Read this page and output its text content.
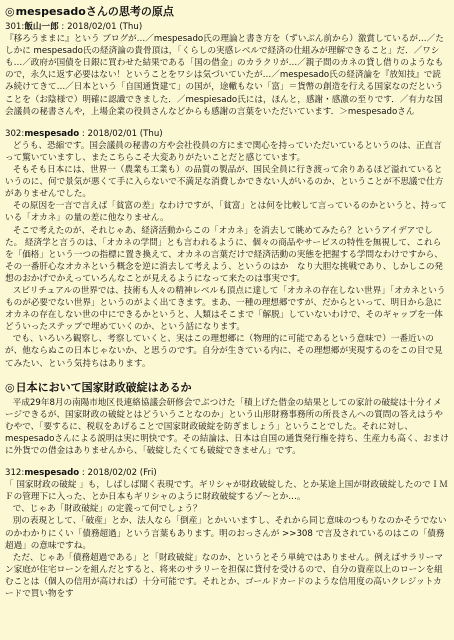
◎ mespesadoさんの思考の原点
301:飯山一郎 : 2018/02/01 (Thu)

『移ろうままに』という ブログが…／mespesado氏の理論と書き方を（ずいぶん前から）激賞しているが…／たしかに mespesado氏の経済論の貴骨頂は，「くらしの実感レベルで経済の仕組みが理解できること」だ．／ワシも…／政府が国債を日銀に買わせた結果である「国の借金」のカラクリが…／親子間のカネの貸し借りのようなもので，永久に返す必要はない！ということをワシは気づいていたが…／mespesado氏の経済論を『放知技』で読み続けてきて…／日本という「自国通貨建て」の国が，途轍もない「富」＝貨幣の創造を行える国家なのだということを（お陰様で）明確に認識できました．／mespiesado氏には，ほんと，感謝・感激の至りです．／有力な国会議員の秘書さんや，上場企業の役員さんなどからも感謝の言葉をいただいています．＞mespesadoさん

302:mespesado : 2018/02/01 (Thu)

どうも、恐縮です。国会議員の秘書の方や会社役員の方にまで関心を持っていただいているというのは、正直言って驚いていますし、またこちらこそ大変ありがたいことだと感じています。

そもそも日本には、世界一（農業も工業も）の品質の製品が、国民全員に行き渡って余りあるほど溢れているというのに、何で景気が悪くて手に入らないで不満足な消費しかできない人がいるのか、ということが不思議で仕方がありませんでした。

その原因を一言で言えば「貧富の差」なわけですが、「貧富」とは何を比較して言っているのかというと、持っている「オカネ」の量の差に他なりません。

そこで考えたのが、それじゃあ、経済活動からこの「オカネ」を消去して眺めてみたら？というアイデアでした。 経済学と言うのは、「オカネの学問」とも言われるように、個々の商品やサービスの特性を無視して、これらを「価格」という一つの指標に置き換えて、オカネの言葉だけで経済活動の実態を把握する学問なわけですから、その一番肝心なオカネという概念を逆に消去して考えよう、というのはか　なり大胆な挑戦であり、しかしこの発想のおかげでかえっていろんなことが見えるようになって来たのは事実です。

スピリチュアルの世界では、技術も人々の精神レベルも頂点に達して「オカネの存在しない世界」「オカネというものが必要でない世界」というのがよく出てきます。まあ、一種の理想郷ですが、だからといって、明日から急にオカネの存在しない世の中にできるかというと、人類はそこまで「解脱」していないわけで、そのギャップを一体どういったステップで埋めていくのか、という話になります。

でも、いろいろ観察し、考察していくと、実はこの理想郷に（物理的に可能であるという意味で）一番近いのが、他ならぬこの日本じゃないか、と思うのです。自分が生きている内に、その理想郷が実現するのをこの目で見てみたい、という気持ちはあります。

◎ 日本において国家財政破綻はあるか

平成29年8月の南陽市地区長連絡協議会研修会でぶつけた「積上げた借金の結果としての家計の破綻は十分イメージできるが、国家財政の破綻とはどういうことなのか」という山形財務事務所の所長さんへの質問の答えはうやむやで、「要するに、税収をあげることで国家財政破綻を防ぎましょう」ということでした。それに対し、mespesadoさんによる説明は実に明快です。その結論は、日本は自国の通貨発行権を持ち、生産力も高く、おまけに外貨での借金はありませんから、「破綻したくても破綻できません」です。

312:mespesado : 2018/02/02 (Fri)

「 国家財政の破綻 」も，しばしば聞く表現です。ギリシャが財政破綻した、とか某途上国が財政破綻したのでＩＭＦの管理下に入った、とか日本もギリシャのように財政破綻するゾ～とか…。

で、じゃあ「財政破綻」の定義って何でしょう？

別の表現として、「破産」とか、法人なら「倒産」とかいいますし、それから同じ意味のつもりなのかそうでないのかわかりにくい「債務超過」という言葉もあります。明のおっさんが >>308 で言及されているのはこの「債務超過」の意味ですね。

ただ、じゃあ「債務超過である」と「財政破綻」なのか、というとそう単純ではありません。例えばサラリーマン家庭が住宅ローンを組んだとすると、将来のサラリーを担保に貸付を受けるので、自分の資産以上のローンを組むことは（個人の信用が高ければ）十分可能です。それとか、ゴールドカードのような信用度の高いクレジットカードで買い物をす
